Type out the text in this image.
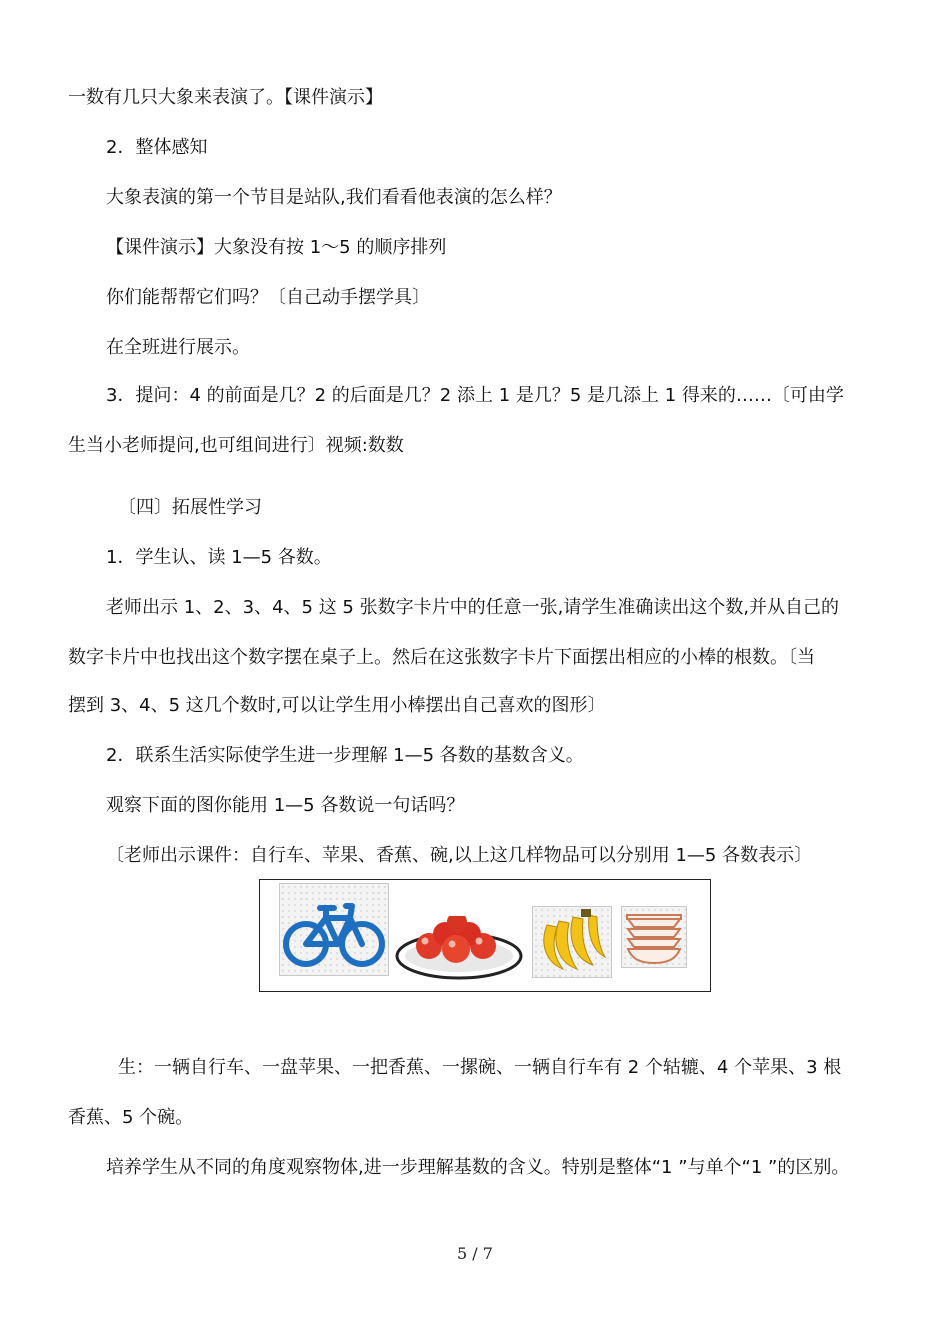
一数有几只大象来表演了。【课件演示】
2．整体感知
大象表演的第一个节目是站队,我们看看他表演的怎么样？
【课件演示】大象没有按 1～5 的顺序排列
你们能帮帮它们吗？〔自己动手摆学具〕
在全班进行展示。
3．提问：4 的前面是几？2 的后面是几？2 添上 1 是几？5 是几添上 1 得来的……〔可由学
生当小老师提问,也可组间进行〕视频:数数
〔四〕拓展性学习
1．学生认、读 1—5 各数。
老师出示 1、2、3、4、5 这 5 张数字卡片中的任意一张,请学生准确读出这个数,并从自己的
数字卡片中也找出这个数字摆在桌子上。然后在这张数字卡片下面摆出相应的小棒的根数。〔当
摆到 3、4、5 这几个数时,可以让学生用小棒摆出自己喜欢的图形〕
2．联系生活实际使学生进一步理解 1—5 各数的基数含义。
观察下面的图你能用 1—5 各数说一句话吗？
〔老师出示课件：自行车、苹果、香蕉、碗,以上这几样物品可以分别用 1—5 各数表示〕
生：一辆自行车、一盘苹果、一把香蕉、一摞碗、一辆自行车有 2 个轱辘、4 个苹果、3 根
香蕉、5 个碗。
培养学生从不同的角度观察物体,进一步理解基数的含义。特别是整体“1 ”与单个“1 ”的区别。
5 / 7
